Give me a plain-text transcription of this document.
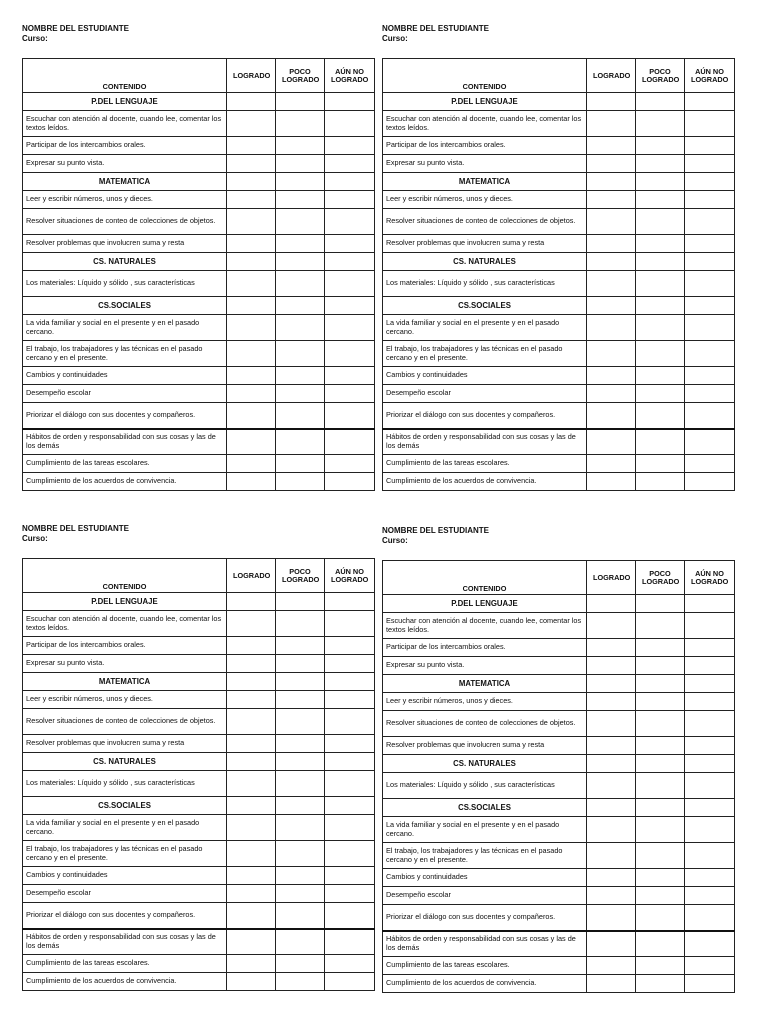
NOMBRE DEL ESTUDIANTE
Curso:
CONTENIDO	LOGRADO	POCO LOGRADO	AÚN NO LOGRADO
P.DEL LENGUAJE			
Escuchar con atención al docente, cuando lee, comentar los textos leídos.			
Participar de los intercambios orales.			
Expresar su punto vista.			
MATEMATICA			
Leer y escribir números, unos y dieces.			
Resolver situaciones de conteo de colecciones de objetos.			
Resolver problemas que involucren suma y resta			
CS. NATURALES			
Los materiales: Líquido y sólido , sus características			
CS.SOCIALES			
La vida familiar y social en el presente y en el pasado cercano.			
El trabajo, los trabajadores y las técnicas en el pasado cercano y en el presente.			
Cambios y continuidades			
Desempeño escolar			
Priorizar el diálogo con sus docentes y compañeros.			
Hábitos de orden y responsabilidad con sus cosas y las de los demás			
Cumplimiento de las tareas escolares.			
Cumplimiento de los acuerdos de convivencia.			
NOMBRE DEL ESTUDIANTE
Curso:
CONTENIDO	LOGRADO	POCO LOGRADO	AÚN NO LOGRADO
P.DEL LENGUAJE			
Escuchar con atención al docente, cuando lee, comentar los textos leídos.			
Participar de los intercambios orales.			
Expresar su punto vista.			
MATEMATICA			
Leer y escribir números, unos y dieces.			
Resolver situaciones de conteo de colecciones de objetos.			
Resolver problemas que involucren suma y resta			
CS. NATURALES			
Los materiales: Líquido y sólido , sus características			
CS.SOCIALES			
La vida familiar y social en el presente y en el pasado cercano.			
El trabajo, los trabajadores y las técnicas en el pasado cercano y en el presente.			
Cambios y continuidades			
Desempeño escolar			
Priorizar el diálogo con sus docentes y compañeros.			
Hábitos de orden y responsabilidad con sus cosas y las de los demás			
Cumplimiento de las tareas escolares.			
Cumplimiento de los acuerdos de convivencia.			
NOMBRE DEL ESTUDIANTE
Curso:
CONTENIDO	LOGRADO	POCO LOGRADO	AÚN NO LOGRADO
P.DEL LENGUAJE			
Escuchar con atención al docente, cuando lee, comentar los textos leídos.			
Participar de los intercambios orales.			
Expresar su punto vista.			
MATEMATICA			
Leer y escribir números, unos y dieces.			
Resolver situaciones de conteo de colecciones de objetos.			
Resolver problemas que involucren suma y resta			
CS. NATURALES			
Los materiales: Líquido y sólido , sus características			
CS.SOCIALES			
La vida familiar y social en el presente y en el pasado cercano.			
El trabajo, los trabajadores y las técnicas en el pasado cercano y en el presente.			
Cambios y continuidades			
Desempeño escolar			
Priorizar el diálogo con sus docentes y compañeros.			
Hábitos de orden y responsabilidad con sus cosas y las de los demás			
Cumplimiento de las tareas escolares.			
Cumplimiento de los acuerdos de convivencia.			
NOMBRE DEL ESTUDIANTE
Curso:
CONTENIDO	LOGRADO	POCO LOGRADO	AÚN NO LOGRADO
P.DEL LENGUAJE			
Escuchar con atención al docente, cuando lee, comentar los textos leídos.			
Participar de los intercambios orales.			
Expresar su punto vista.			
MATEMATICA			
Leer y escribir números, unos y dieces.			
Resolver situaciones de conteo de colecciones de objetos.			
Resolver problemas que involucren suma y resta			
CS. NATURALES			
Los materiales: Líquido y sólido , sus características			
CS.SOCIALES			
La vida familiar y social en el presente y en el pasado cercano.			
El trabajo, los trabajadores y las técnicas en el pasado cercano y en el presente.			
Cambios y continuidades			
Desempeño escolar			
Priorizar el diálogo con sus docentes y compañeros.			
Hábitos de orden y responsabilidad con sus cosas y las de los demás			
Cumplimiento de las tareas escolares.			
Cumplimiento de los acuerdos de convivencia.			
